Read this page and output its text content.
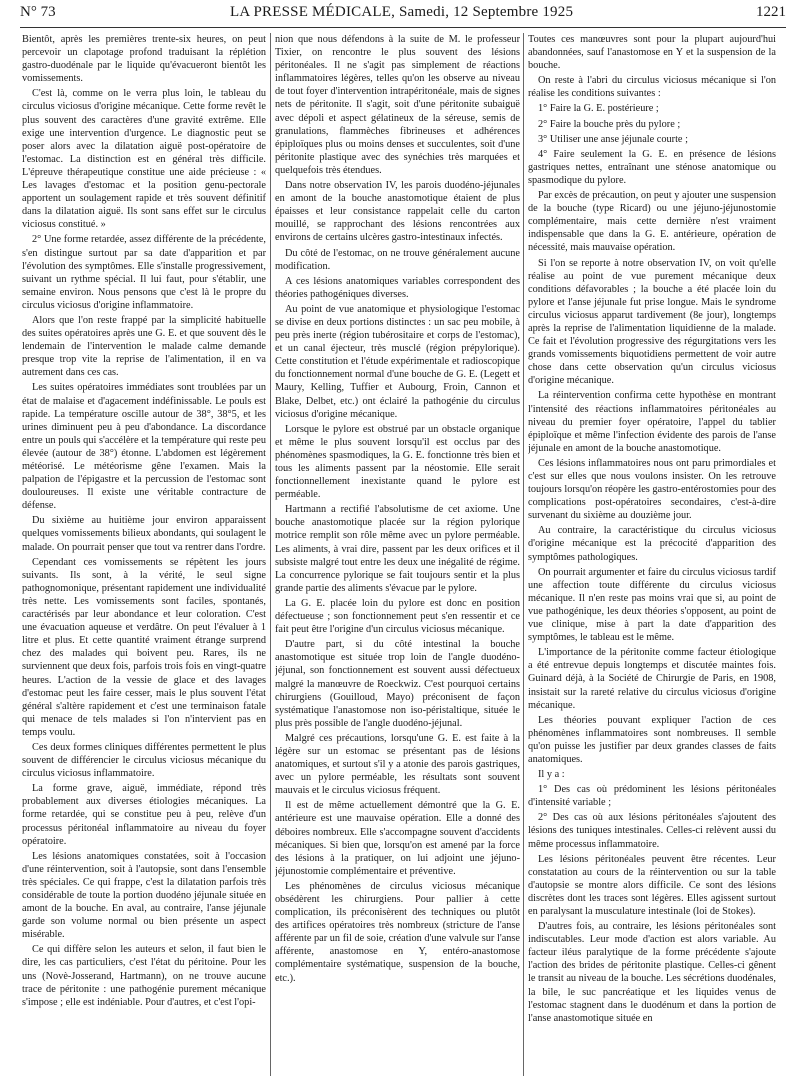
N° 73	LA PRESSE MÉDICALE, Samedi, 12 Septembre 1925	1221

Bientôt, après les premières trente-six heures, on peut percevoir un clapotage profond traduisant la réplétion gastro-duodénale par le liquide qu'évacueront bientôt les vomissements.

C'est là, comme on le verra plus loin, le tableau du circulus viciosus d'origine mécanique. Cette forme revêt le plus souvent des caractères d'une gravité extrême. Elle exige une intervention d'urgence. Le diagnostic peut se poser alors avec la dilatation aiguë post-opératoire de l'estomac. La distinction est en général très difficile. L'épreuve thérapeutique constitue une aide précieuse : « Les lavages d'estomac et la position genu-pectorale apportent un soulagement rapide et très souvent définitif dans la dilatation aiguë. Ils sont sans effet sur le circulus viciosus constitué. »

2° Une forme retardée, assez différente de la précédente, s'en distingue surtout par sa date d'apparition et par l'évolution des symptômes. Elle s'installe progressivement, suivant un rythme spécial. Il lui faut, pour s'établir, une semaine environ. Nous pensons que c'est là le propre du circulus viciosus d'origine inflammatoire.

Alors que l'on reste frappé par la simplicité habituelle des suites opératoires après une G. E. et que souvent dès le lendemain de l'intervention le malade calme demande presque trop vite la reprise de l'alimentation, il en va autrement dans ces cas.

Les suites opératoires immédiates sont troublées par un état de malaise et d'agacement indéfinissable. Le pouls est rapide. La température oscille autour de 38°, 38°5, et les urines diminuent peu à peu d'abondance. La discordance entre un pouls qui s'accélère et la température qui reste peu élevée (autour de 38°) étonne. L'abdomen est légèrement météorisé. Le météorisme gêne l'examen. Mais la palpation de l'épigastre et la percussion de l'estomac sont douloureuses. Il existe une véritable contracture de défense.

Du sixième au huitième jour environ apparaissent quelques vomissements bilieux abondants, qui soulagent le malade. On pourrait penser que tout va rentrer dans l'ordre.

Cependant ces vomissements se répètent les jours suivants. Ils sont, à la vérité, le seul signe pathognomonique, présentant rapidement une individualité très nette. Les vomissements sont faciles, spontanés, caractérisés par leur abondance et leur coloration. C'est une évacuation aqueuse et verdâtre. On peut l'évaluer à 1 litre et plus. Et cette quantité vraiment étrange surprend chez des malades qui boivent peu. Rares, ils ne surviennent que deux fois, parfois trois fois en vingt-quatre heures. L'action de la vessie de glace et des lavages d'estomac peut les faire cesser, mais le plus souvent l'état général s'altère rapidement et c'est une terminaison fatale qui menace de tels malades si l'on n'intervient pas en temps voulu.

Ces deux formes cliniques différentes permettent le plus souvent de différencier le circulus viciosus mécanique du circulus viciosus inflammatoire.

La forme grave, aiguë, immédiate, répond très probablement aux diverses étiologies mécaniques. La forme retardée, qui se constitue peu à peu, relève d'un processus péritonéal inflammatoire au niveau du foyer opératoire.

Les lésions anatomiques constatées, soit à l'occasion d'une réintervention, soit à l'autopsie, sont dans l'ensemble très spéciales. Ce qui frappe, c'est la dilatation parfois très considérable de toute la portion duodéno jéjunale située en amont de la bouche. En aval, au contraire, l'anse jéjunale garde son volume normal ou bien présente un aspect misérable.

Ce qui diffère selon les auteurs et selon, il faut bien le dire, les cas particuliers, c'est l'état du péritoine. Pour les uns (Novè-Josserand, Hartmann), on ne trouve aucune trace de péritonite : une pathogénie purement mécanique s'impose ; elle est indéniable. Pour d'autres, et c'est l'opi-

nion que nous défendons à la suite de M. le professeur Tixier, on rencontre le plus souvent des lésions péritonéales. Il ne s'agit pas simplement de réactions inflammatoires légères, telles qu'on les observe au niveau de tout foyer d'intervention intrapéritonéale, mais de signes nets de péritonite. Il s'agit, soit d'une péritonite subaiguë avec dépoli et aspect gélatineux de la séreuse, semis de granulations, flammèches fibrineuses et adhérences épiploïques plus ou moins denses et succulentes, soit d'une péritonite plastique avec des synéchies très marquées et quelquefois très étendues.

Dans notre observation IV, les parois duodéno-jéjunales en amont de la bouche anastomotique étaient de plus épaisses et leur consistance rappelait celle du carton mouillé, se rapprochant des lésions rencontrées aux environs de certains ulcères gastro-intestinaux infectés.

Du côté de l'estomac, on ne trouve généralement aucune modification.

A ces lésions anatomiques variables correspondent des théories pathogéniques diverses.

Au point de vue anatomique et physiologique l'estomac se divise en deux portions distinctes : un sac peu mobile, à peu près inerte (région tubérositaire et corps de l'estomac), et un canal éjecteur, très musclé (région prépylorique). Cette constitution et l'étude expérimentale et radioscopique du fonctionnement normal d'une bouche de G. E. (Legett et Maury, Kelling, Tuffier et Aubourg, Froin, Cannon et Blake, Delbet, etc.) ont éclairé la pathogénie du circulus viciosus d'origine mécanique.

Lorsque le pylore est obstrué par un obstacle organique et même le plus souvent lorsqu'il est occlus par des phénomènes spasmodiques, la G. E. fonctionne très bien et tous les aliments passent par la néostomie. Elle serait fonctionnellement inexistante quand le pylore est perméable.

Hartmann a rectifié l'absolutisme de cet axiome. Une bouche anastomotique placée sur la région pylorique motrice remplit son rôle même avec un pylore perméable. Les aliments, à vrai dire, passent par les deux orifices et il subsiste malgré tout entre les deux une inégalité de régime. La concurrence pylorique se fait toujours sentir et la plus grande partie des aliments s'évacue par le pylore.

La G. E. placée loin du pylore est donc en position défectueuse ; son fonctionnement peut s'en ressentir et ce fait peut être l'origine d'un circulus viciosus mécanique.

D'autre part, si du côté intestinal la bouche anastomotique est située trop loin de l'angle duodéno-jéjunal, son fonctionnement est souvent aussi défectueux malgré la manœuvre de Roeckwiz. C'est pourquoi certains chirurgiens (Gouilloud, Mayo) préconisent de façon systématique l'anastomose non iso-péristaltique, située le plus près possible de l'angle duodéno-jéjunal.

Malgré ces précautions, lorsqu'une G. E. est faite à la légère sur un estomac se présentant pas de lésions anatomiques, et surtout s'il y a atonie des parois gastriques, avec un pylore perméable, les résultats sont souvent mauvais et le circulus viciosus fréquent.

Il est de même actuellement démontré que la G. E. antérieure est une mauvaise opération. Elle a donné des déboires nombreux. Elle s'accompagne souvent d'accidents mécaniques. Si bien que, lorsqu'on est amené par la force des lésions à la pratiquer, on lui adjoint une jéjuno-jéjunostomie complémentaire et préventive.

Les phénomènes de circulus viciosus mécanique obsédèrent les chirurgiens. Pour pallier à cette complication, ils préconisèrent des techniques ou plutôt des artifices opératoires très nombreux (stricture de l'anse afférente par un fil de soie, création d'une valvule sur l'anse afférente, anastomose en Y, entéro-anastomose complémentaire systématique, suspension de la bouche, etc.).

Toutes ces manœuvres sont pour la plupart aujourd'hui abandonnées, sauf l'anastomose en Y et la suspension de la bouche.

On reste à l'abri du circulus viciosus mécanique si l'on réalise les conditions suivantes :

1° Faire la G. E. postérieure ;

2° Faire la bouche près du pylore ;

3° Utiliser une anse jéjunale courte ;

4° Faire seulement la G. E. en présence de lésions gastriques nettes, entraînant une sténose anatomique ou spasmodique du pylore.

Par excès de précaution, on peut y ajouter une suspension de la bouche (type Ricard) ou une jéjuno-jéjunostomie complémentaire, mais cette dernière n'est vraiment indispensable que dans la G. E. antérieure, opération de nécessité, mais mauvaise opération.

Si l'on se reporte à notre observation IV, on voit qu'elle réalise au point de vue purement mécanique deux conditions défavorables ; la bouche a été placée loin du pylore et l'anse jéjunale fut prise longue. Mais le syndrome circulus viciosus apparut tardivement (8e jour), longtemps après la reprise de l'alimentation liquidienne de la malade. Ce fait et l'évolution progressive des régurgitations vers les grands vomissements biquotidiens permettent de voir autre chose dans cette observation qu'un circulus viciosus d'origine mécanique.

La réintervention confirma cette hypothèse en montrant l'intensité des réactions inflammatoires péritonéales au niveau du premier foyer opératoire, l'appel du tablier épiploïque et même l'infection évidente des parois de l'anse jéjunale en amont de la bouche anastomotique.

Ces lésions inflammatoires nous ont paru primordiales et c'est sur elles que nous voulons insister. On les retrouve toujours lorsqu'on réopère les gastro-entérostomies pour des complications post-opératoires secondaires, c'est-à-dire survenant du sixième au douzième jour.

Au contraire, la caractéristique du circulus viciosus d'origine mécanique est la précocité d'apparition des symptômes pathologiques.

On pourrait argumenter et faire du circulus viciosus tardif une affection toute différente du circulus viciosus mécanique. Il n'en reste pas moins vrai que si, au point de vue pathogénique, les deux théories s'opposent, au point de vue clinique, mise à part la date d'apparition des symptômes, le tableau est le même.

L'importance de la péritonite comme facteur étiologique a été entrevue depuis longtemps et discutée maintes fois. Guinard déjà, à la Société de Chirurgie de Paris, en 1908, insistait sur la rareté relative du circulus viciosus d'origine mécanique.

Les théories pouvant expliquer l'action de ces phénomènes inflammatoires sont nombreuses. Il semble qu'on puisse les justifier par deux grandes classes de faits anatomiques.

Il y a :

1° Des cas où prédominent les lésions péritonéales d'intensité variable ;

2° Des cas où aux lésions péritonéales s'ajoutent des lésions des tuniques intestinales. Celles-ci relèvent aussi du même processus inflammatoire.

Les lésions péritonéales peuvent être récentes. Leur constatation au cours de la réintervention ou sur la table d'autopsie se montre alors difficile. Ce sont des lésions discrètes dont les traces sont légères. Elles agissent surtout en paralysant la musculature intestinale (loi de Stokes).

D'autres fois, au contraire, les lésions péritonéales sont indiscutables. Leur mode d'action est alors variable. Au facteur iléus paralytique de la forme précédente s'ajoute l'action des brides de péritonite plastique. Celles-ci gênent le transit au niveau de la bouche. Les sécrétions duodénales, la bile, le suc pancréatique et les liquides venus de l'estomac stagnent dans le duodénum et dans la portion de l'anse anastomotique située en
